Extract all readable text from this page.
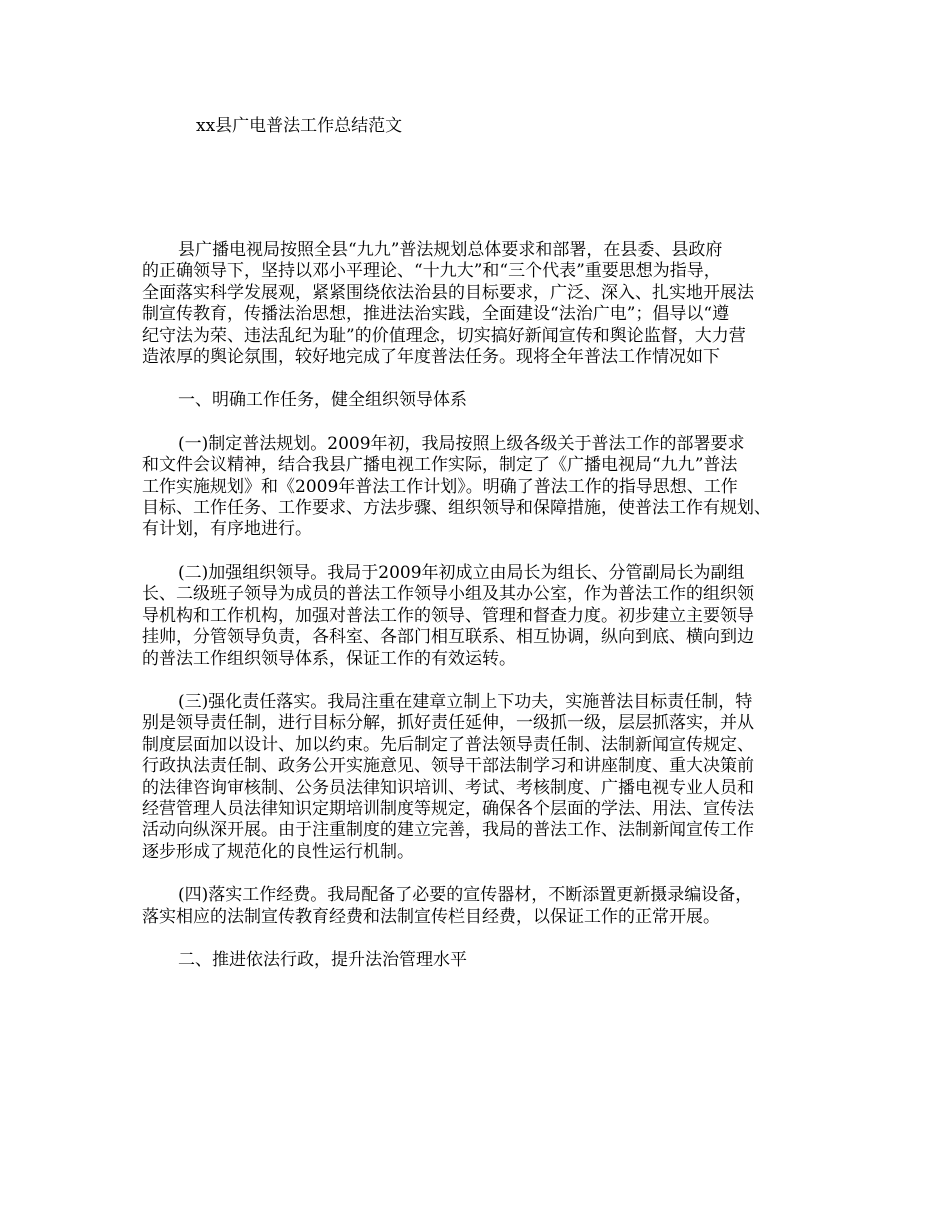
xx县广电普法工作总结范文

县广播电视局按照全县“九九”普法规划总体要求和部署，在县委、县政府
的正确领导下，坚持以邓小平理论、“十九大”和“三个代表”重要思想为指导，
全面落实科学发展观，紧紧围绕依法治县的目标要求，广泛、深入、扎实地开展法
制宣传教育，传播法治思想，推进法治实践，全面建设“法治广电”；倡导以“遵
纪守法为荣、违法乱纪为耻”的价值理念，切实搞好新闻宣传和舆论监督，大力营
造浓厚的舆论氛围，较好地完成了年度普法任务。现将全年普法工作情况如下

一、明确工作任务，健全组织领导体系

(一)制定普法规划。2009年初，我局按照上级各级关于普法工作的部署要求
和文件会议精神，结合我县广播电视工作实际，制定了《广播电视局“九九”普法
工作实施规划》和《2009年普法工作计划》。明确了普法工作的指导思想、工作
目标、工作任务、工作要求、方法步骤、组织领导和保障措施，使普法工作有规划、
有计划，有序地进行。

(二)加强组织领导。我局于2009年初成立由局长为组长、分管副局长为副组
长、二级班子领导为成员的普法工作领导小组及其办公室，作为普法工作的组织领
导机构和工作机构，加强对普法工作的领导、管理和督查力度。初步建立主要领导
挂帅，分管领导负责，各科室、各部门相互联系、相互协调，纵向到底、横向到边
的普法工作组织领导体系，保证工作的有效运转。

(三)强化责任落实。我局注重在建章立制上下功夫，实施普法目标责任制，特
别是领导责任制，进行目标分解，抓好责任延伸，一级抓一级，层层抓落实，并从
制度层面加以设计、加以约束。先后制定了普法领导责任制、法制新闻宣传规定、
行政执法责任制、政务公开实施意见、领导干部法制学习和讲座制度、重大决策前
的法律咨询审核制、公务员法律知识培训、考试、考核制度、广播电视专业人员和
经营管理人员法律知识定期培训制度等规定，确保各个层面的学法、用法、宣传法
活动向纵深开展。由于注重制度的建立完善，我局的普法工作、法制新闻宣传工作
逐步形成了规范化的良性运行机制。

(四)落实工作经费。我局配备了必要的宣传器材，不断添置更新摄录编设备，
落实相应的法制宣传教育经费和法制宣传栏目经费，以保证工作的正常开展。

二、推进依法行政，提升法治管理水平
